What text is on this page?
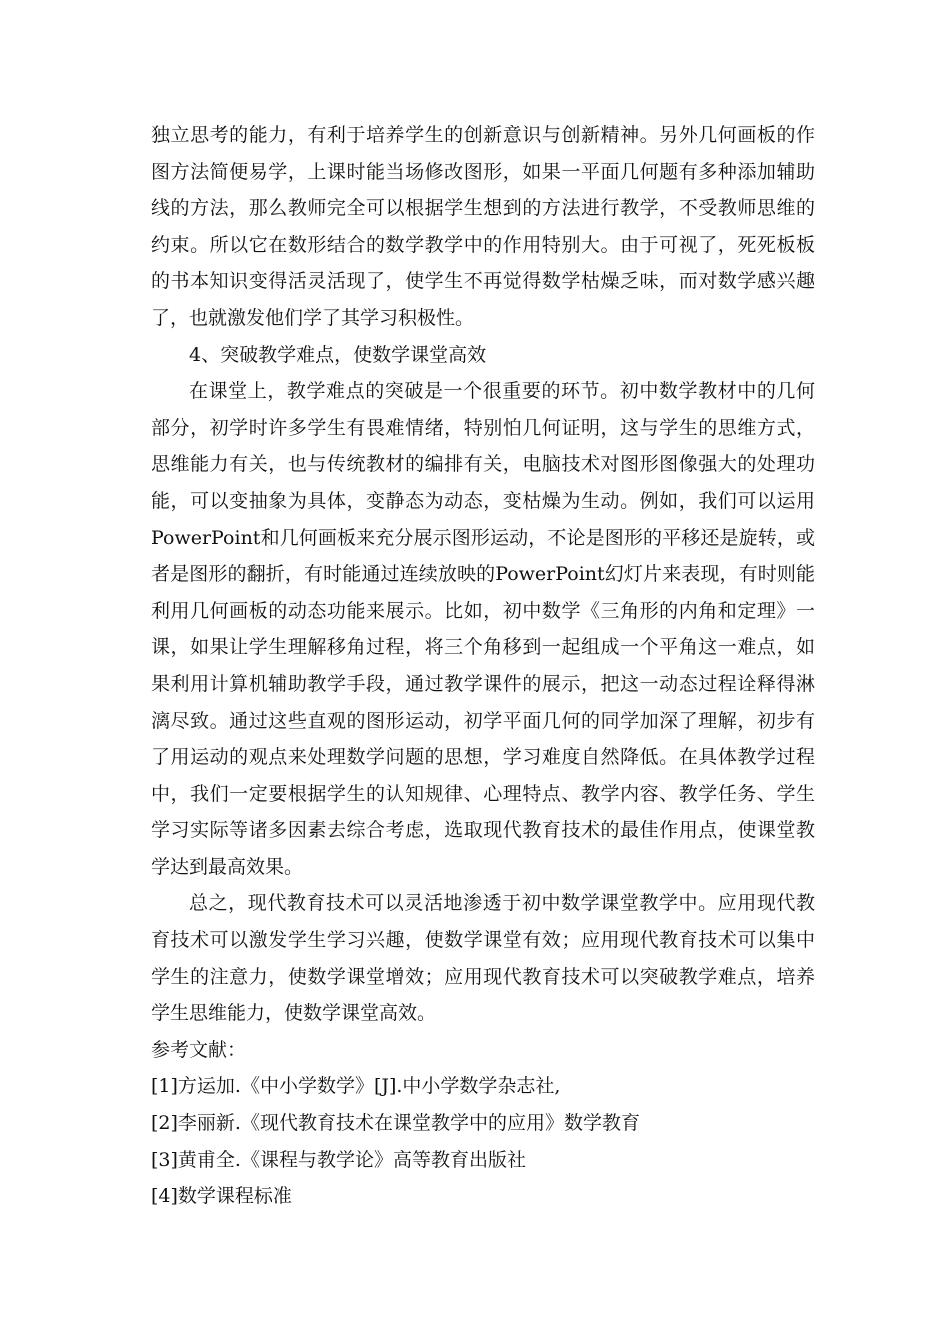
独立思考的能力，有利于培养学生的创新意识与创新精神。另外几何画板的作图方法简便易学，上课时能当场修改图形，如果一平面几何题有多种添加辅助线的方法，那么教师完全可以根据学生想到的方法进行教学，不受教师思维的约束。所以它在数形结合的数学教学中的作用特别大。由于可视了，死死板板的书本知识变得活灵活现了，使学生不再觉得数学枯燥乏味，而对数学感兴趣了，也就激发他们学了其学习积极性。

4、突破教学难点，使数学课堂高效

在课堂上，教学难点的突破是一个很重要的环节。初中数学教材中的几何部分，初学时许多学生有畏难情绪，特别怕几何证明，这与学生的思维方式，思维能力有关，也与传统教材的编排有关，电脑技术对图形图像强大的处理功能，可以变抽象为具体，变静态为动态，变枯燥为生动。例如，我们可以运用PowerPoint和几何画板来充分展示图形运动，不论是图形的平移还是旋转，或者是图形的翻折，有时能通过连续放映的PowerPoint幻灯片来表现，有时则能利用几何画板的动态功能来展示。比如，初中数学《三角形的内角和定理》一课，如果让学生理解移角过程，将三个角移到一起组成一个平角这一难点，如果利用计算机辅助教学手段，通过教学课件的展示，把这一动态过程诠释得淋漓尽致。通过这些直观的图形运动，初学平面几何的同学加深了理解，初步有了用运动的观点来处理数学问题的思想，学习难度自然降低。在具体教学过程中，我们一定要根据学生的认知规律、心理特点、教学内容、教学任务、学生学习实际等诸多因素去综合考虑，选取现代教育技术的最佳作用点，使课堂教学达到最高效果。

总之，现代教育技术可以灵活地渗透于初中数学课堂教学中。应用现代教育技术可以激发学生学习兴趣，使数学课堂有效；应用现代教育技术可以集中学生的注意力，使数学课堂增效；应用现代教育技术可以突破教学难点，培养学生思维能力，使数学课堂高效。

参考文献：

[1]方运加.《中小学数学》[J].中小学数学杂志社,

[2]李丽新.《现代教育技术在课堂教学中的应用》数学教育

[3]黄甫全.《课程与教学论》高等教育出版社

[4]数学课程标准
